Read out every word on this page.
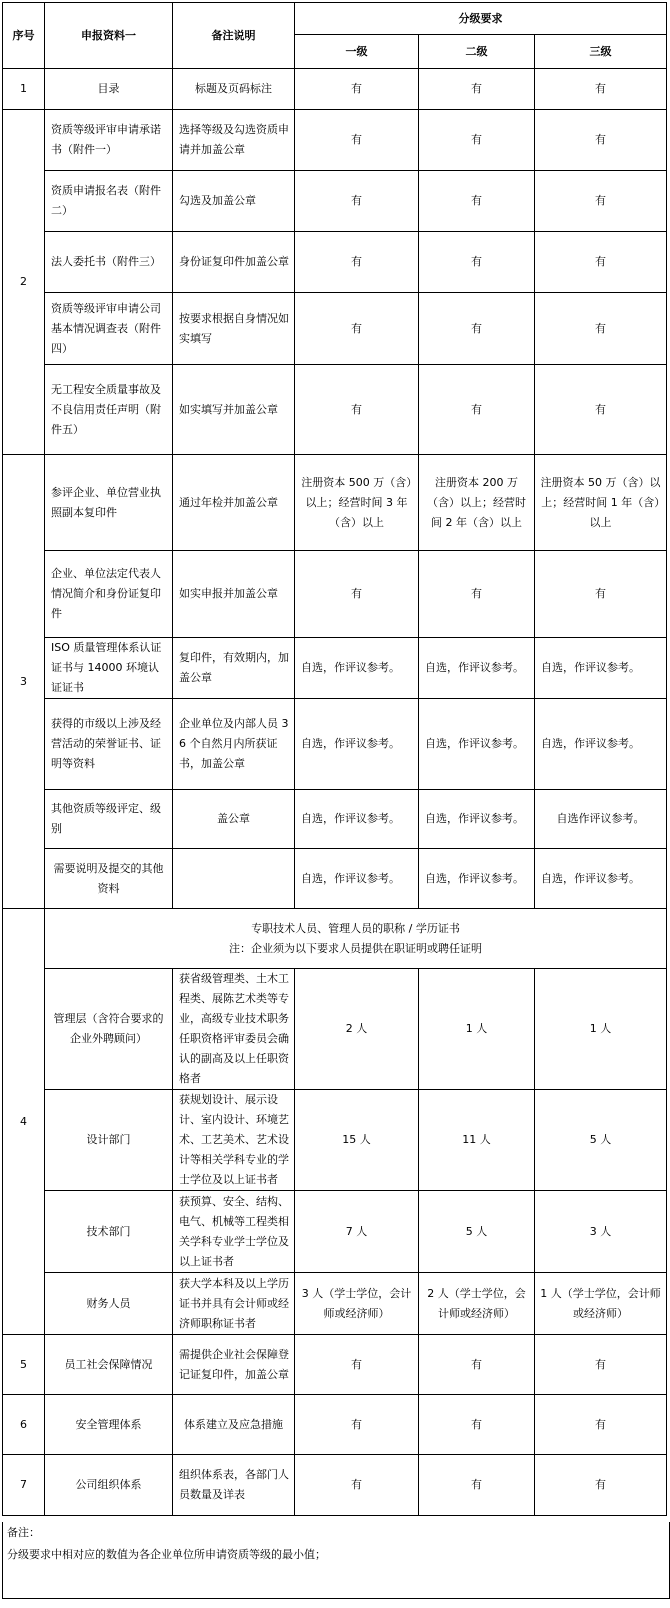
序号	申报资料一	备注说明	分级要求		
			一级	二级	三级
1	目录	标题及页码标注	有	有	有
2	资质等级评审申请承诺书（附件一）	选择等级及勾选资质申请并加盖公章	有	有	有
	资质申请报名表（附件二）	勾选及加盖公章	有	有	有
	法人委托书（附件三）	身份证复印件加盖公章	有	有	有
	资质等级评审申请公司基本情况调查表（附件四）	按要求根据自身情况如实填写	有	有	有
	无工程安全质量事故及不良信用责任声明（附件五）	如实填写并加盖公章	有	有	有
3	参评企业、单位营业执照副本复印件	通过年检并加盖公章	注册资本 500 万（含）以上；经营时间 3 年（含）以上	注册资本 200 万（含）以上；经营时间 2 年（含）以上	注册资本 50 万（含）以上；经营时间 1 年（含）以上
	企业、单位法定代表人情况简介和身份证复印件	如实申报并加盖公章	有	有	有
	ISO 质量管理体系认证证书与 14000 环境认证证书	复印件，有效期内，加盖公章	自选，作评议参考。	自选，作评议参考。	自选，作评议参考。
	获得的市级以上涉及经营活动的荣誉证书、证明等资料	企业单位及内部人员 36 个自然月内所获证书，加盖公章	自选，作评议参考。	自选，作评议参考。	自选，作评议参考。
	其他资质等级评定、级别	盖公章	自选，作评议参考。	自选，作评议参考。	自选作评议参考。
	需要说明及提交的其他资料		自选，作评议参考。	自选，作评议参考。	自选，作评议参考。
4	专职技术人员、管理人员的职称 / 学历证书
注：企业须为以下要求人员提供在职证明或聘任证明				

	管理层（含符合要求的企业外聘顾问）	获省级管理类、土木工程类、展陈艺术类等专业，高级专业技术职务任职资格评审委员会确认的副高及以上任职资格者	2 人	1 人	1 人
	设计部门	获规划设计、展示设计、室内设计、环境艺术、工艺美术、艺术设计等相关学科专业的学士学位及以上证书者	15 人	11 人	5 人
	技术部门	获预算、安全、结构、电气、机械等工程类相关学科专业学士学位及以上证书者	7 人	5 人	3 人
	财务人员	获大学本科及以上学历证书并具有会计师或经济师职称证书者	3 人（学士学位，会计师或经济师）	2 人（学士学位，会计师或经济师）	1 人（学士学位，会计师或经济师）
5	员工社会保障情况	需提供企业社会保障登记证复印件，加盖公章	有	有	有
6	安全管理体系	体系建立及应急措施	有	有	有
7	公司组织体系	组织体系表，各部门人员数量及详表	有	有	有
备注：
分级要求中相对应的数值为各企业单位所申请资质等级的最小值；
